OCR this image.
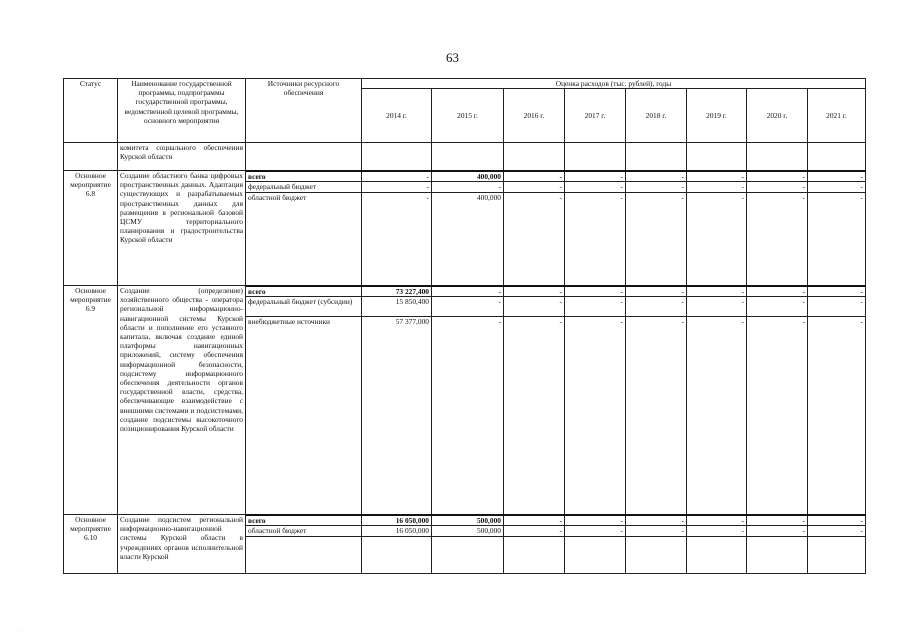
63
Статус	Наименование государственной программы, подпрограммы государственной программы, ведомственной целевой программы, основного мероприятия	Источники ресурсного обеспечения	Оценка расходов (тыс. рублей), годы							
			2014 г.	2015 г.	2016 г.	2017 г.	2018 г.	2019 г.	2020 г.	2021 г.
	комитета социального обеспечения Курской области									
Основное мероприятие 6.8	Создание областного банка цифровых пространственных данных. Адаптация существующих и разрабатываемых пространственных данных для размещения в региональной базовой ЦСМУ территориального планирования и градостроительства Курской области	всего	-	400,000	-	-	-	-	-	-
		федеральный бюджет	-	-	-	-	-	-	-	-
		областной бюджет	-	400,000	-	-	-	-	-	-
Основное мероприятие 6.9	Создание (определение) хозяйственного общества - оператора региональной информационно-навигационной системы Курской области и пополнение его уставного капитала, включая создание единой платформы навигационных приложений, систему обеспечения информационной безопасности, подсистему информационного обеспечения деятельности органов государственной власти, средства, обеспечивающие взаимодействие с внешними системами и подсистемами, создание подсистемы высокоточного позиционирования Курской области	всего	73 227,400	-	-	-	-	-	-	-
		федеральный бюджет (субсидии)	15 850,400	-	-	-	-	-	-	-
		внебюджетные источники	57 377,000	-	-	-	-	-	-	-
Основное мероприятие 6.10	Создание подсистем региональной информационно-навигационной системы Курской области в учреждениях органов исполнительной власти Курской	всего	16 050,000	500,000	-	-	-	-	-	-
		областной бюджет	16 050,000	500,000	-	-	-	-	-	-

·
